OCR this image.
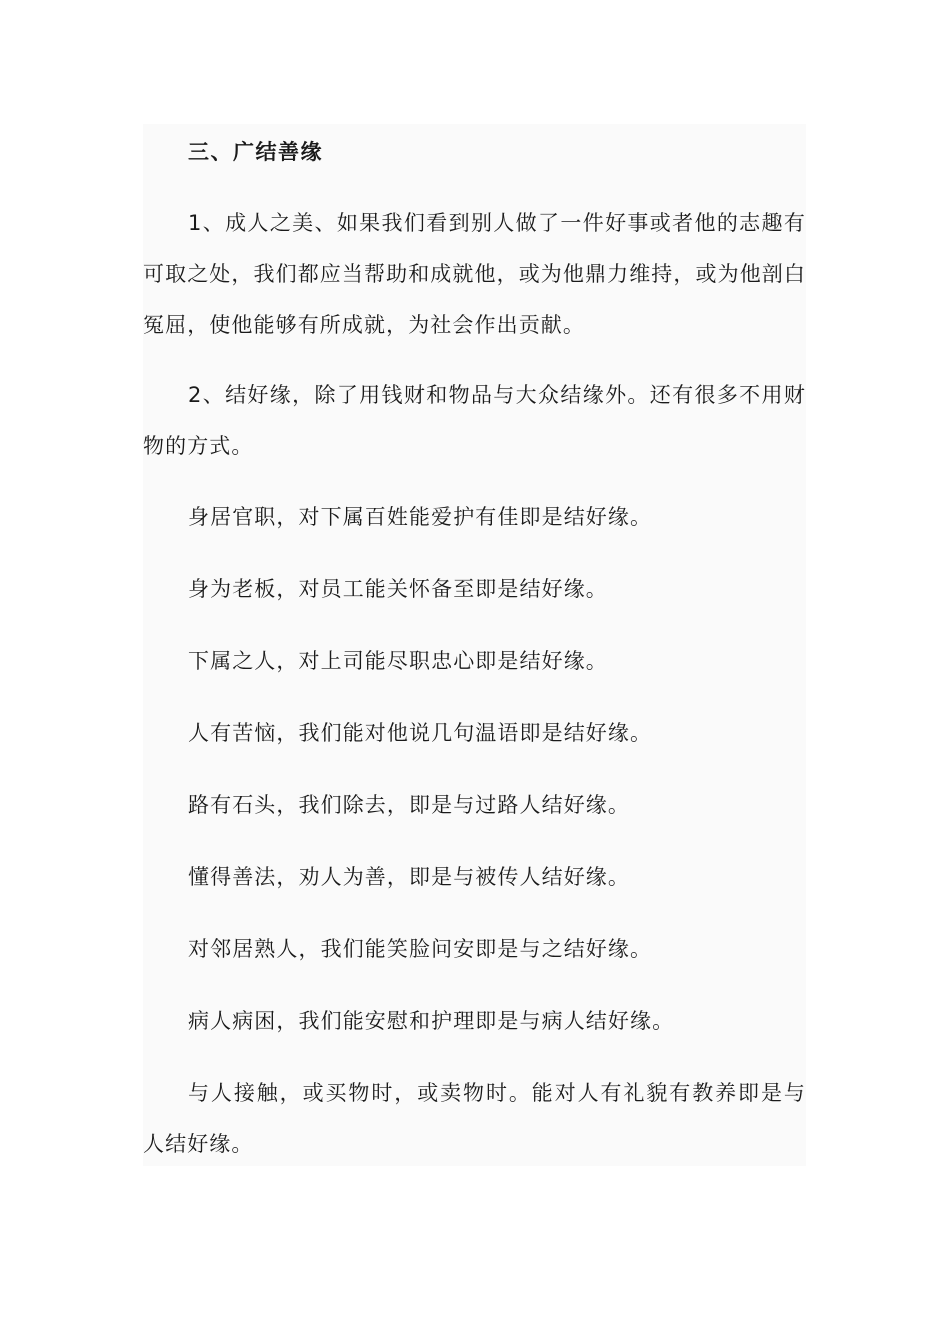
三、广结善缘

1、成人之美、如果我们看到别人做了一件好事或者他的志趣有可取之处，我们都应当帮助和成就他，或为他鼎力维持，或为他剖白冤屈，使他能够有所成就，为社会作出贡献。

2、结好缘，除了用钱财和物品与大众结缘外。还有很多不用财物的方式。

身居官职，对下属百姓能爱护有佳即是结好缘。

身为老板，对员工能关怀备至即是结好缘。

下属之人，对上司能尽职忠心即是结好缘。

人有苦恼，我们能对他说几句温语即是结好缘。

路有石头，我们除去，即是与过路人结好缘。

懂得善法，劝人为善，即是与被传人结好缘。

对邻居熟人，我们能笑脸问安即是与之结好缘。

病人病困，我们能安慰和护理即是与病人结好缘。

与人接触，或买物时，或卖物时。能对人有礼貌有教养即是与人结好缘。
